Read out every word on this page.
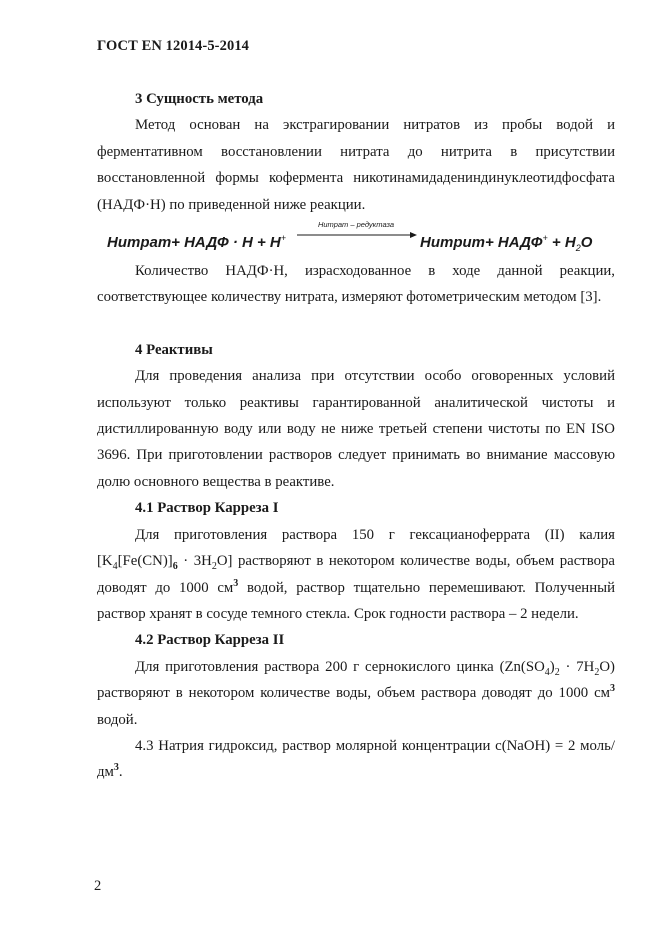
ГОСТ EN 12014-5-2014
3 Сущность метода

Метод основан на экстрагировании нитратов из пробы водой и ферментативном восстановлении нитрата до нитрита в присутствии восстановленной формы кофермента никотинамидадениндинуклеотидфосфата (НАДФ·Н) по приведенной ниже реакции.

Нитрат+ НАДФ · Н + Н+
Нитрат – редуктаза
Нитрит+ НАДФ+ + $Н_2О$

Количество НАДФ·Н, израсходованное в ходе данной реакции, соответствующее количеству нитрата, измеряют фотометрическим методом [3].

4 Реактивы

Для проведения анализа при отсутствии особо оговоренных условий используют только реактивы гарантированной аналитической чистоты и дистиллированную воду или воду не ниже третьей степени чистоты по EN ISO 3696. При приготовлении растворов следует принимать во внимание массовую долю основного вещества в реактиве.

4.1 Раствор Карреза I

Для приготовления раствора 150 г гексацианоферрата (II) калия $[K_4[Fe(CN)]_6 \cdot 3H_2O]$ растворяют в некотором количестве воды, объем раствора доводят до 1000 $см^3$ водой, раствор тщательно перемешивают. Полученный раствор хранят в сосуде темного стекла. Срок годности раствора – 2 недели.

4.2 Раствор Карреза II

Для приготовления раствора 200 г сернокислого цинка $(Zn(SO_4)_2 \cdot 7H_2O)$ растворяют в некотором количестве воды, объем раствора доводят до 1000 $см^3$ водой.

4.3 Натрия гидроксид, раствор молярной концентрации c(NaOH) = 2 моль/$дм^3$.

2
